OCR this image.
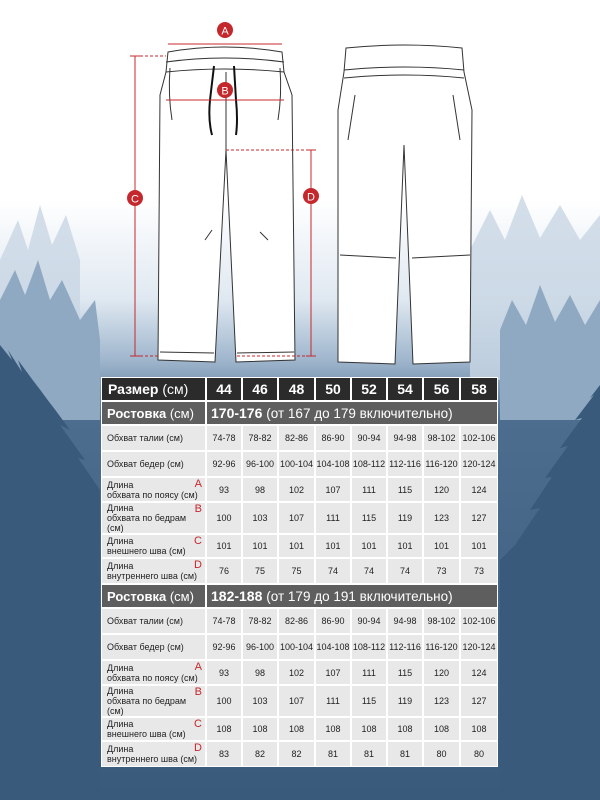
A
B
C	D
Размер (см)	44	46	48	50	52	54	56	58
Ростовка (см)	170-176 (от 167 до 179 включительно)							

Обхват талии (см)	74-78	78-82	82-86	86-90	90-94	94-98	98-102	102-106

Обхват бедер (см)	92-96	96-100	100-104	104-108	108-112	112-116	116-120	120-124

Длина
обхвата по поясу (см)
A	93	98	102	107	111	115	120	124

Длина
обхвата по бедрам (см)
B	100	103	107	111	115	119	123	127

Длина
внешнего шва (см)
C	101	101	101	101	101	101	101	101

Длина
внутреннего шва (см)
D	76	75	75	74	74	74	73	73
Ростовка (см)	182-188 (от 179 до 191 включительно)							

Обхват талии (см)	74-78	78-82	82-86	86-90	90-94	94-98	98-102	102-106

Обхват бедер (см)	92-96	96-100	100-104	104-108	108-112	112-116	116-120	120-124

Длина
обхвата по поясу (см)
A	93	98	102	107	111	115	120	124

Длина
обхвата по бедрам (см)
B	100	103	107	111	115	119	123	127

Длина
внешнего шва (см)
C	108	108	108	108	108	108	108	108

Длина
внутреннего шва (см)
D	83	82	82	81	81	81	80	80
